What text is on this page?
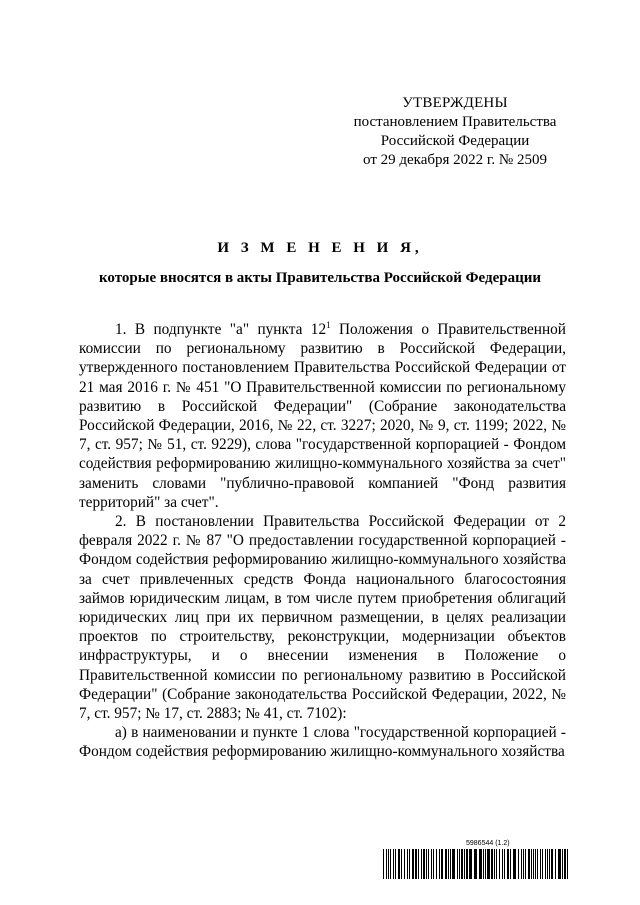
УТВЕРЖДЕНЫ
постановлением Правительства
Российской Федерации
от 29 декабря 2022 г. № 2509
И З М Е Н Е Н И Я,
которые вносятся в акты Правительства Российской Федерации

1. В подпункте "а" пункта $12^1$ Положения о Правительственной комиссии по региональному развитию в Российской Федерации, утвержденного постановлением Правительства Российской Федерации от 21 мая 2016 г. № 451 "О Правительственной комиссии по региональному развитию в Российской Федерации" (Собрание законодательства Российской Федерации, 2016, № 22, ст. 3227; 2020, № 9, ст. 1199; 2022, № 7, ст. 957; № 51, ст. 9229), слова "государственной корпорацией - Фондом содействия реформированию жилищно-коммунального хозяйства за счет" заменить словами "публично-правовой компанией "Фонд развития территорий" за счет".

2. В постановлении Правительства Российской Федерации от 2 февраля 2022 г. № 87 "О предоставлении государственной корпорацией - Фондом содействия реформированию жилищно-коммунального хозяйства за счет привлеченных средств Фонда национального благосостояния займов юридическим лицам, в том числе путем приобретения облигаций юридических лиц при их первичном размещении, в целях реализации проектов по строительству, реконструкции, модернизации объектов инфраструктуры, и о внесении изменения в Положение о Правительственной комиссии по региональному развитию в Российской Федерации" (Собрание законодательства Российской Федерации, 2022, № 7, ст. 957; № 17, ст. 2883; № 41, ст. 7102):

а) в наименовании и пункте 1 слова "государственной корпорацией - Фондом содействия реформированию жилищно-коммунального хозяйства

5986544 (1.2)
